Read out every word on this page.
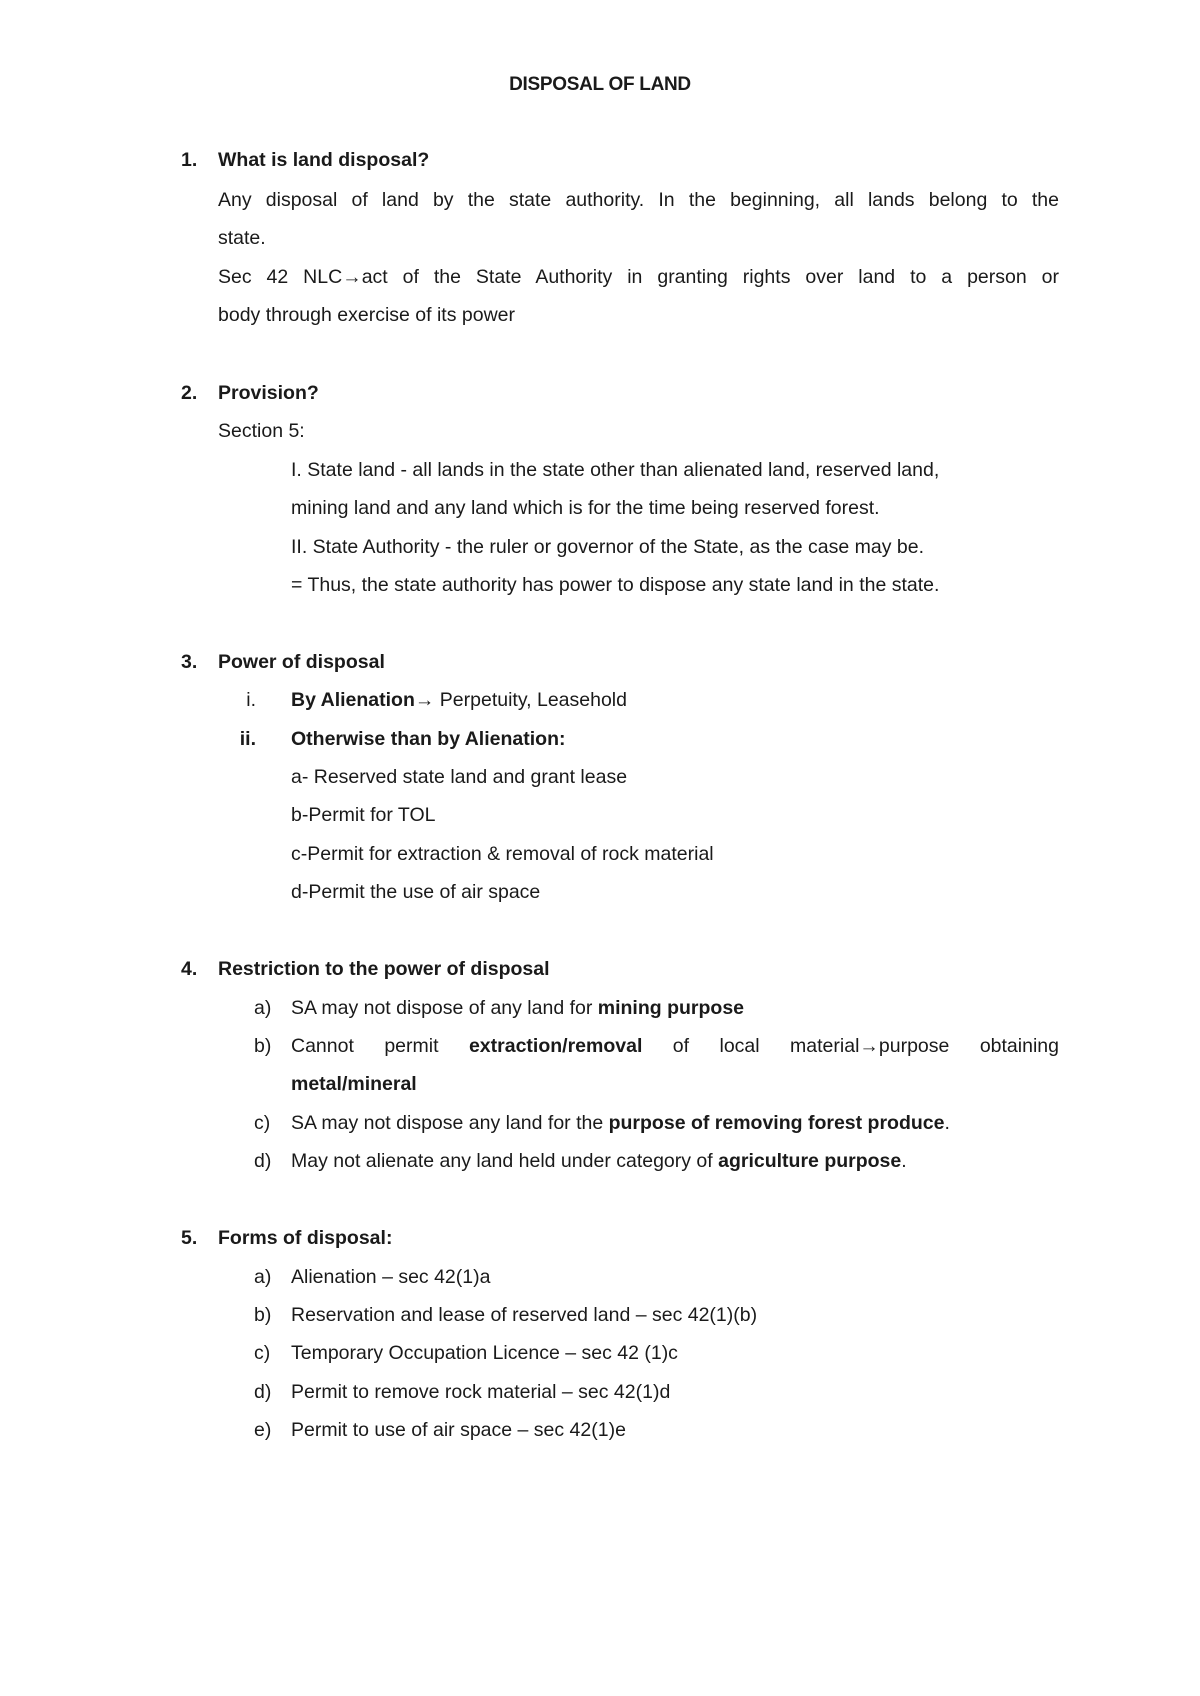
DISPOSAL OF LAND
1. What is land disposal?
Any disposal of land by the state authority. In the beginning, all lands belong to the
state.
Sec 42 NLC→act of the State Authority in granting rights over land to a person or
body through exercise of its power
2. Provision?
Section 5:
I. State land - all lands in the state other than alienated land, reserved land,
mining land and any land which is for the time being reserved forest.
II. State Authority - the ruler or governor of the State, as the case may be.
= Thus, the state authority has power to dispose any state land in the state.
3. Power of disposal
i. By Alienation→ Perpetuity, Leasehold
ii. Otherwise than by Alienation:
a- Reserved state land and grant lease
b-Permit for TOL
c-Permit for extraction & removal of rock material
d-Permit the use of air space
4. Restriction to the power of disposal
a) SA may not dispose of any land for mining purpose
b) Cannot permit extraction/removal of local material→purpose obtaining
metal/mineral
c) SA may not dispose any land for the purpose of removing forest produce.
d) May not alienate any land held under category of agriculture purpose.
5. Forms of disposal:
a) Alienation – sec 42(1)a
b) Reservation and lease of reserved land – sec 42(1)(b)
c) Temporary Occupation Licence – sec 42 (1)c
d) Permit to remove rock material – sec 42(1)d
e) Permit to use of air space – sec 42(1)e
